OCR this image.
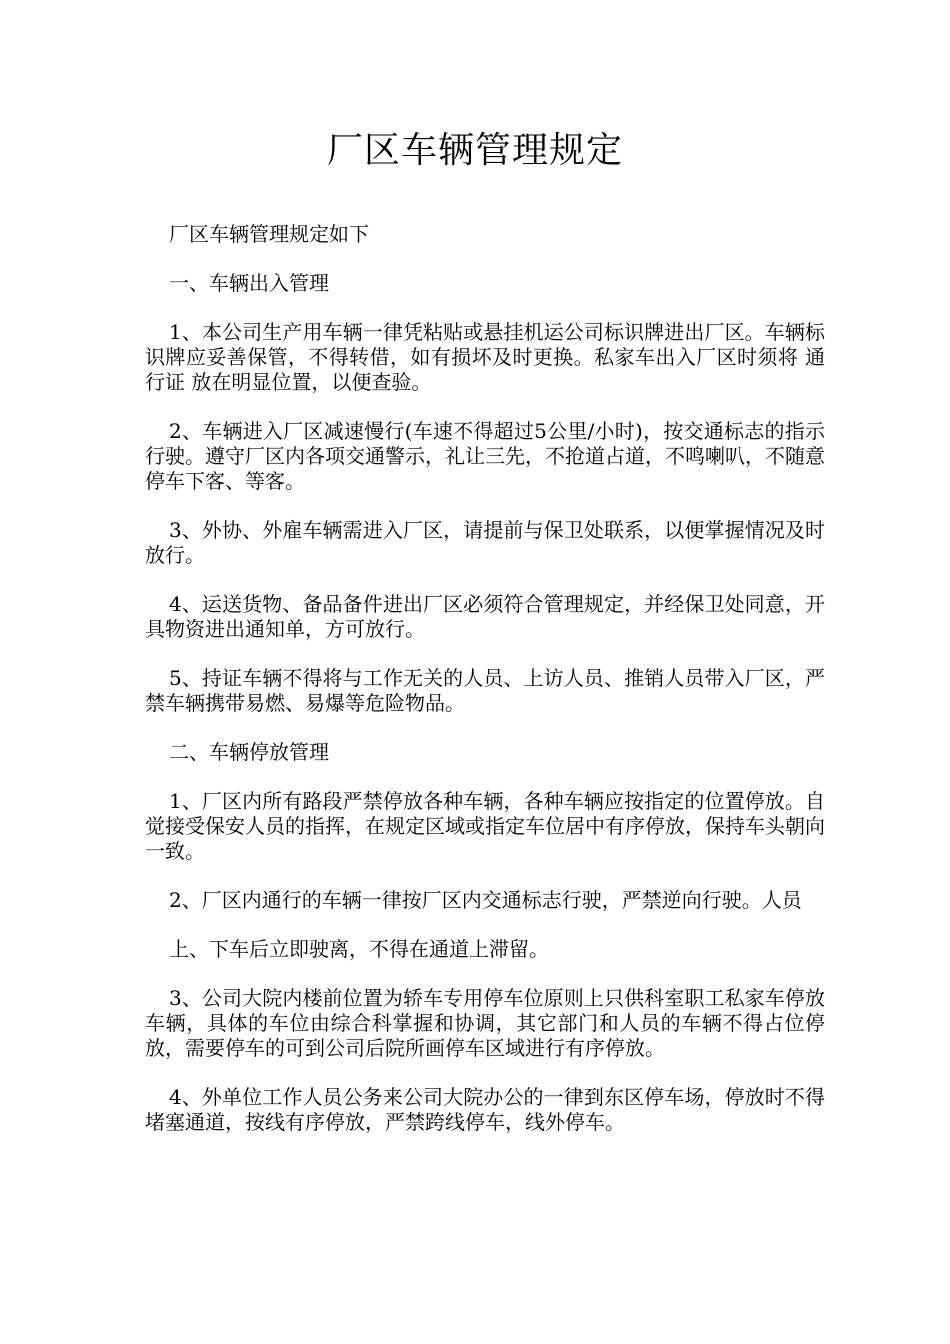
厂区车辆管理规定

厂区车辆管理规定如下

一、车辆出入管理

1、本公司生产用车辆一律凭粘贴或悬挂机运公司标识牌进出厂区。车辆标识牌应妥善保管，不得转借，如有损坏及时更换。私家车出入厂区时须将 通行证 放在明显位置，以便查验。

2、车辆进入厂区减速慢行(车速不得超过5公里/小时)，按交通标志的指示行驶。遵守厂区内各项交通警示，礼让三先，不抢道占道，不鸣喇叭，不随意停车下客、等客。

3、外协、外雇车辆需进入厂区，请提前与保卫处联系，以便掌握情况及时放行。

4、运送货物、备品备件进出厂区必须符合管理规定，并经保卫处同意，开具物资进出通知单，方可放行。

5、持证车辆不得将与工作无关的人员、上访人员、推销人员带入厂区，严禁车辆携带易燃、易爆等危险物品。

二、车辆停放管理

1、厂区内所有路段严禁停放各种车辆，各种车辆应按指定的位置停放。自觉接受保安人员的指挥，在规定区域或指定车位居中有序停放，保持车头朝向一致。

2、厂区内通行的车辆一律按厂区内交通标志行驶，严禁逆向行驶。人员

上、下车后立即驶离，不得在通道上滞留。

3、公司大院内楼前位置为轿车专用停车位原则上只供科室职工私家车停放车辆，具体的车位由综合科掌握和协调，其它部门和人员的车辆不得占位停放，需要停车的可到公司后院所画停车区域进行有序停放。

4、外单位工作人员公务来公司大院办公的一律到东区停车场，停放时不得堵塞通道，按线有序停放，严禁跨线停车，线外停车。
